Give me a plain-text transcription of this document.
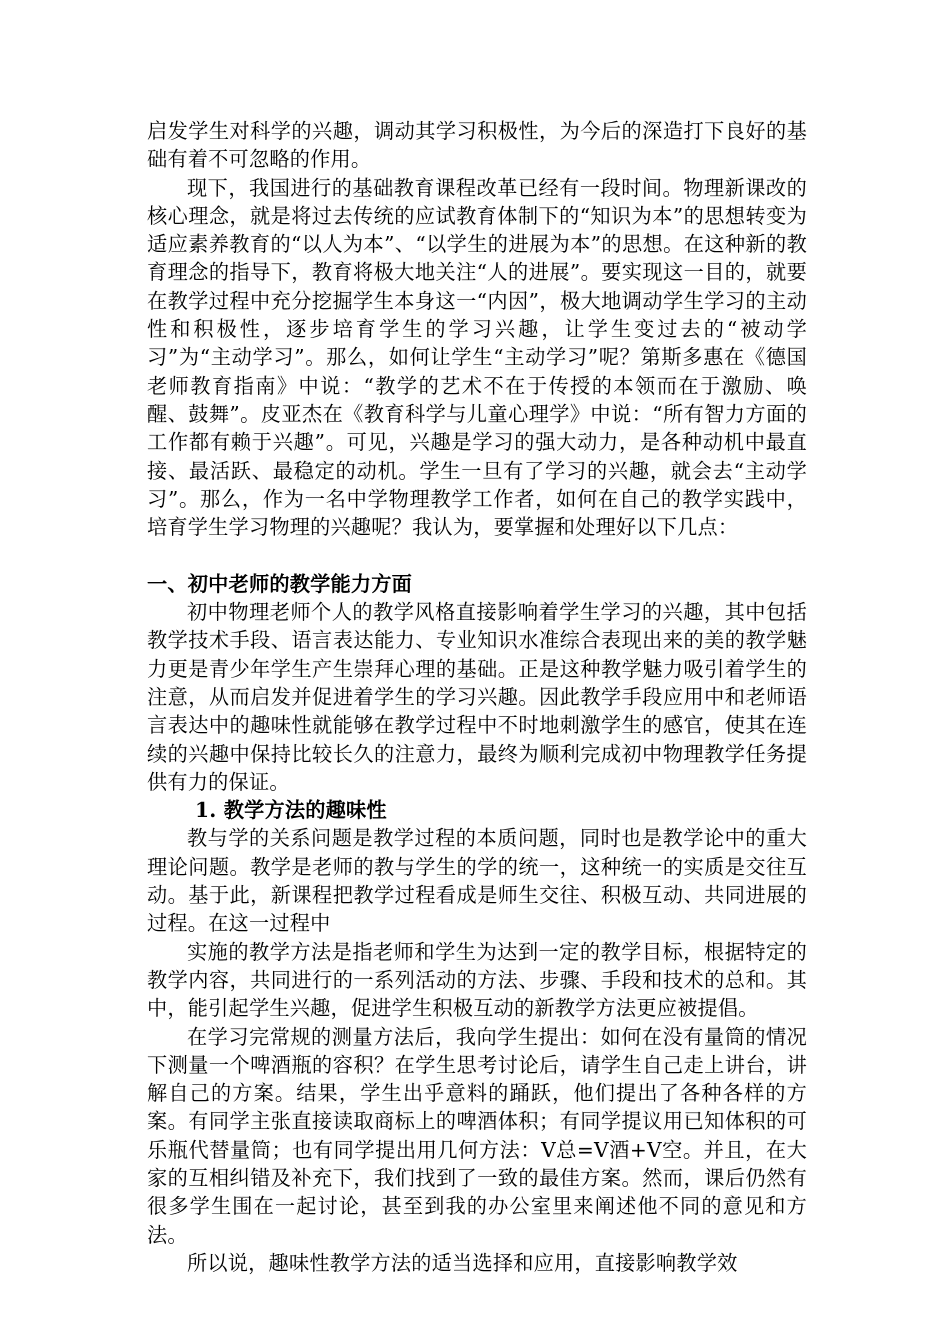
启发学生对科学的兴趣，调动其学习积极性，为今后的深造打下良好的基础有着不可忽略的作用。

现下，我国进行的基础教育课程改革已经有一段时间。物理新课改的核心理念，就是将过去传统的应试教育体制下的“知识为本”的思想转变为适应素养教育的“以人为本”、“以学生的进展为本”的思想。在这种新的教育理念的指导下，教育将极大地关注“人的进展”。要实现这一目的，就要在教学过程中充分挖掘学生本身这一“内因”，极大地调动学生学习的主动性和积极性，逐步培育学生的学习兴趣，让学生变过去的“被动学习”为“主动学习”。那么，如何让学生“主动学习”呢？第斯多惠在《德国老师教育指南》中说：“教学的艺术不在于传授的本领而在于激励、唤醒、鼓舞”。皮亚杰在《教育科学与儿童心理学》中说：“所有智力方面的工作都有赖于兴趣”。可见，兴趣是学习的强大动力，是各种动机中最直接、最活跃、最稳定的动机。学生一旦有了学习的兴趣，就会去“主动学习”。那么，作为一名中学物理教学工作者，如何在自己的教学实践中，培育学生学习物理的兴趣呢？我认为，要掌握和处理好以下几点：

一、初中老师的教学能力方面

初中物理老师个人的教学风格直接影响着学生学习的兴趣，其中包括教学技术手段、语言表达能力、专业知识水准综合表现出来的美的教学魅力更是青少年学生产生崇拜心理的基础。正是这种教学魅力吸引着学生的注意，从而启发并促进着学生的学习兴趣。因此教学手段应用中和老师语言表达中的趣味性就能够在教学过程中不时地刺激学生的感官，使其在连续的兴趣中保持比较长久的注意力，最终为顺利完成初中物理教学任务提供有力的保证。

1. 教学方法的趣味性

教与学的关系问题是教学过程的本质问题，同时也是教学论中的重大理论问题。教学是老师的教与学生的学的统一，这种统一的实质是交往互动。基于此，新课程把教学过程看成是师生交往、积极互动、共同进展的过程。在这一过程中

实施的教学方法是指老师和学生为达到一定的教学目标，根据特定的教学内容，共同进行的一系列活动的方法、步骤、手段和技术的总和。其中，能引起学生兴趣，促进学生积极互动的新教学方法更应被提倡。

在学习完常规的测量方法后，我向学生提出：如何在没有量筒的情况下测量一个啤酒瓶的容积？在学生思考讨论后，请学生自己走上讲台，讲解自己的方案。结果，学生出乎意料的踊跃，他们提出了各种各样的方案。有同学主张直接读取商标上的啤酒体积；有同学提议用已知体积的可乐瓶代替量筒；也有同学提出用几何方法：V总=V酒+V空。并且，在大家的互相纠错及补充下，我们找到了一致的最佳方案。然而，课后仍然有很多学生围在一起讨论，甚至到我的办公室里来阐述他不同的意见和方法。

所以说，趣味性教学方法的适当选择和应用，直接影响教学效
